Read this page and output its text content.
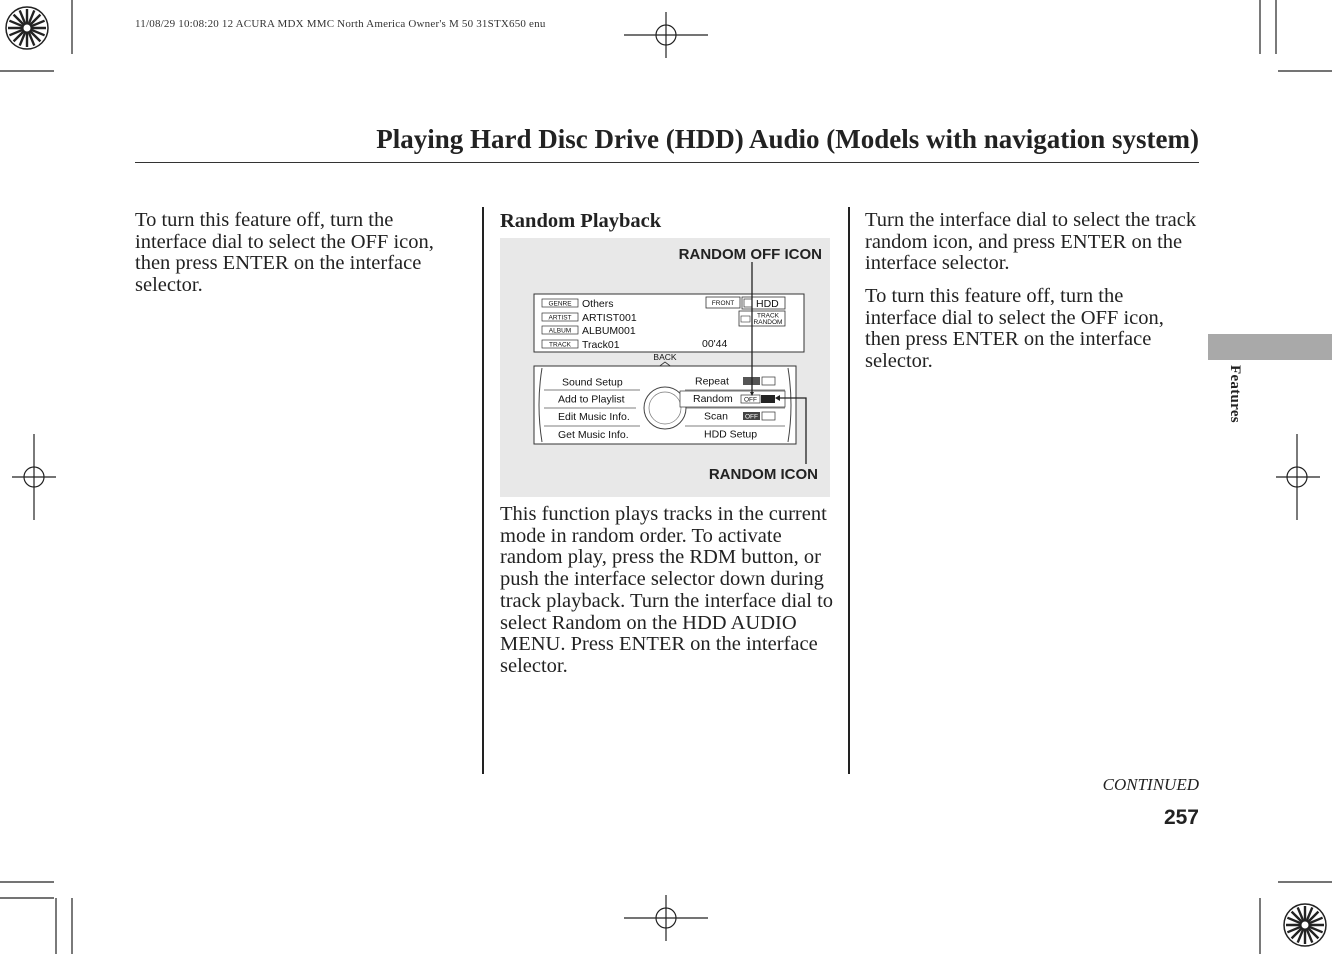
11/08/29 10:08:20 12 ACURA MDX MMC North America Owner's M 50 31STX650 enu
Playing Hard Disc Drive (HDD) Audio (Models with navigation system)
To turn this feature off, turn the interface dial to select the OFF icon, then press ENTER on the interface selector.
Random Playback
RANDOM OFF ICON
RANDOM ICON
GENRE Others
ARTIST ARTIST001
ALBUM ALBUM001
TRACK Track01	00'44
FRONT HDD
TRACK
RANDOM
BACK
Sound Setup
Add to Playlist
Edit Music Info.
Get Music Info.
Repeat
Random OFF
Scan	OFF
HDD Setup
This function plays tracks in the current mode in random order. To activate random play, press the RDM button, or push the interface selector down during track playback. Turn the interface dial to select Random on the HDD AUDIO MENU. Press ENTER on the interface selector.
Turn the interface dial to select the track random icon, and press ENTER on the interface selector.
To turn this feature off, turn the interface dial to select the OFF icon, then press ENTER on the interface selector.
Features
CONTINUED
257
